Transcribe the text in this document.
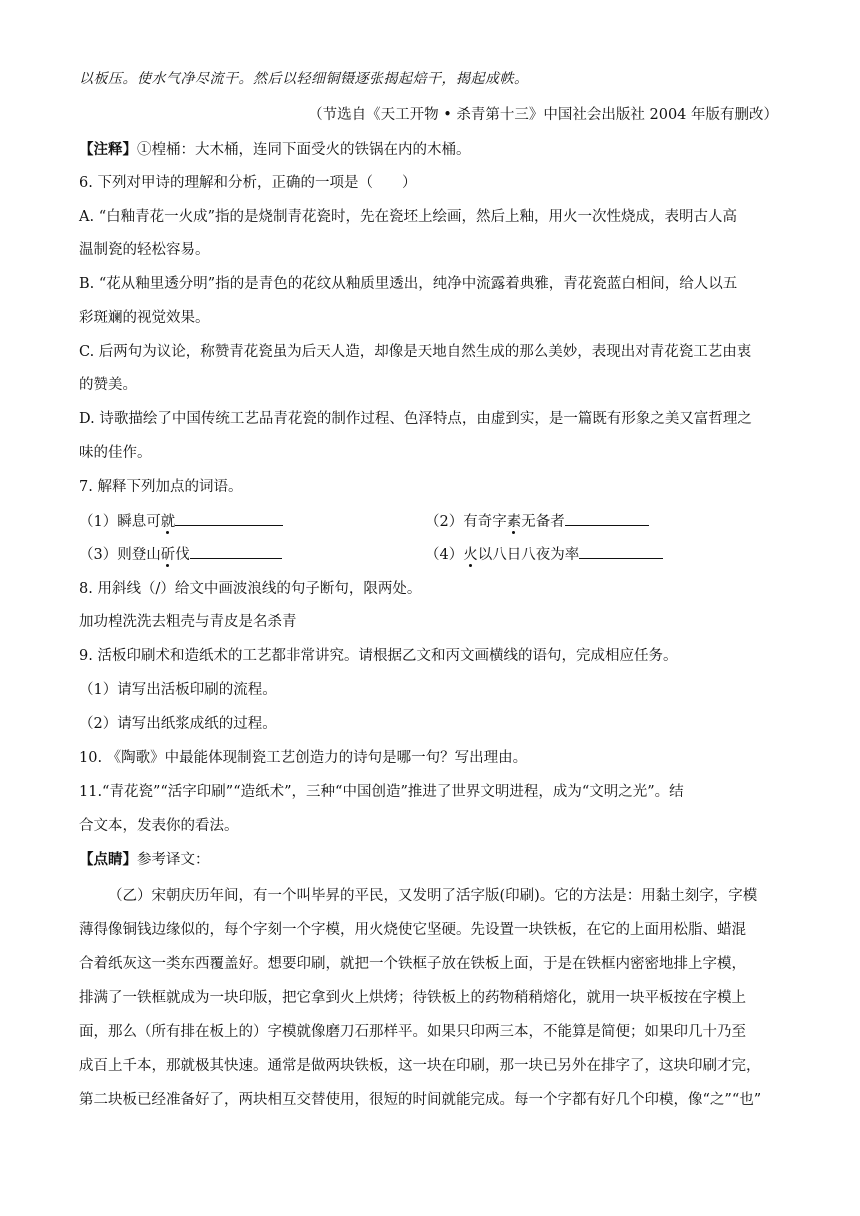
以板压。使水气净尽流干。然后以轻细铜镊逐张揭起焙干，揭起成帙。
（节选自《天工开物 • 杀青第十三》中国社会出版社 2004 年版有删改）
【注释】①楻桶：大木桶，连同下面受火的铁锅在内的木桶。
6. 下列对甲诗的理解和分析，正确的一项是（　　）
A. “白釉青花一火成”指的是烧制青花瓷时，先在瓷坯上绘画，然后上釉，用火一次性烧成，表明古人高
温制瓷的轻松容易。
B. “花从釉里透分明”指的是青色的花纹从釉质里透出，纯净中流露着典雅，青花瓷蓝白相间，给人以五
彩斑斓的视觉效果。
C. 后两句为议论，称赞青花瓷虽为后天人造，却像是天地自然生成的那么美妙，表现出对青花瓷工艺由衷
的赞美。
D. 诗歌描绘了中国传统工艺品青花瓷的制作过程、色泽特点，由虚到实，是一篇既有形象之美又富哲理之
味的佳作。
7. 解释下列加点的词语。
（1）瞬息可就	（2）有奇字素无备者
（3）则登山斫伐	（4）火以八日八夜为率
8. 用斜线（/）给文中画波浪线的句子断句，限两处。
加功楻洗洗去粗壳与青皮是名杀青
9. 活板印刷术和造纸术的工艺都非常讲究。请根据乙文和丙文画横线的语句，完成相应任务。
（1）请写出活板印刷的流程。
（2）请写出纸浆成纸的过程。
10. 《陶歌》中最能体现制瓷工艺创造力的诗句是哪一句？写出理由。
11.“青花瓷”“活字印刷”“造纸术”，三种“中国创造”推进了世界文明进程，成为“文明之光”。结
合文本，发表你的看法。
【点睛】参考译文：
（乙）宋朝庆历年间，有一个叫毕昇的平民，又发明了活字版(印刷)。它的方法是：用黏土刻字，字模
薄得像铜钱边缘似的，每个字刻一个字模，用火烧使它坚硬。先设置一块铁板，在它的上面用松脂、蜡混
合着纸灰这一类东西覆盖好。想要印刷，就把一个铁框子放在铁板上面，于是在铁框内密密地排上字模，
排满了一铁框就成为一块印版，把它拿到火上烘烤；待铁板上的药物稍稍熔化，就用一块平板按在字模上
面，那么（所有排在板上的）字模就像磨刀石那样平。如果只印两三本，不能算是简便；如果印几十乃至
成百上千本，那就极其快速。通常是做两块铁板，这一块在印刷，那一块已另外在排字了，这块印刷才完，
第二块板已经准备好了，两块相互交替使用，很短的时间就能完成。每一个字都有好几个印模，像“之”“也”
